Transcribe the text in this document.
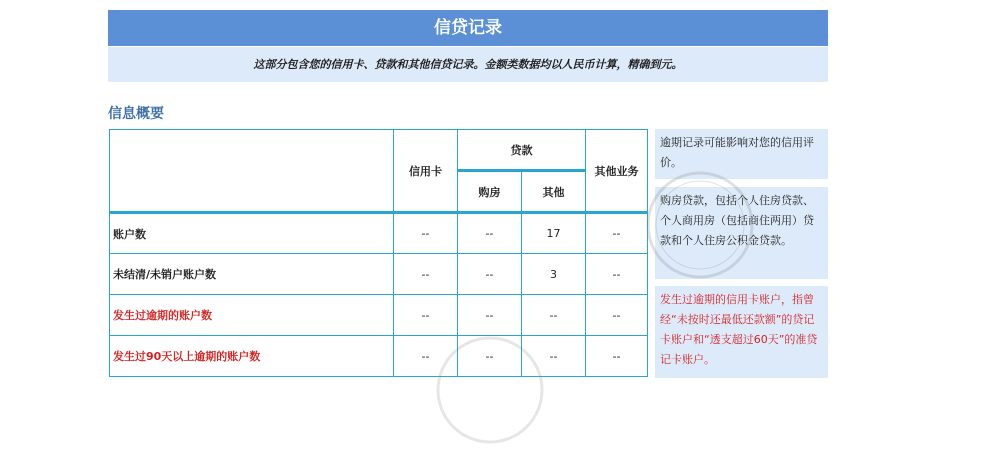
信贷记录
这部分包含您的信用卡、贷款和其他信贷记录。金额类数据均以人民币计算，精确到元。
信息概要
	信用卡	贷款		其他业务
		购房	其他	
账户数	--	--	17	--
未结清/未销户账户数	--	--	3	--
发生过逾期的账户数	--	--	--	--
发生过90天以上逾期的账户数	--	--	--	--
逾期记录可能影响对您的信用评价。
购房贷款，包括个人住房贷款、个人商用房（包括商住两用）贷款和个人住房公积金贷款。
发生过逾期的信用卡账户，指曾经“未按时还最低还款额”的贷记卡账户和“透支超过60天”的准贷记卡账户。
